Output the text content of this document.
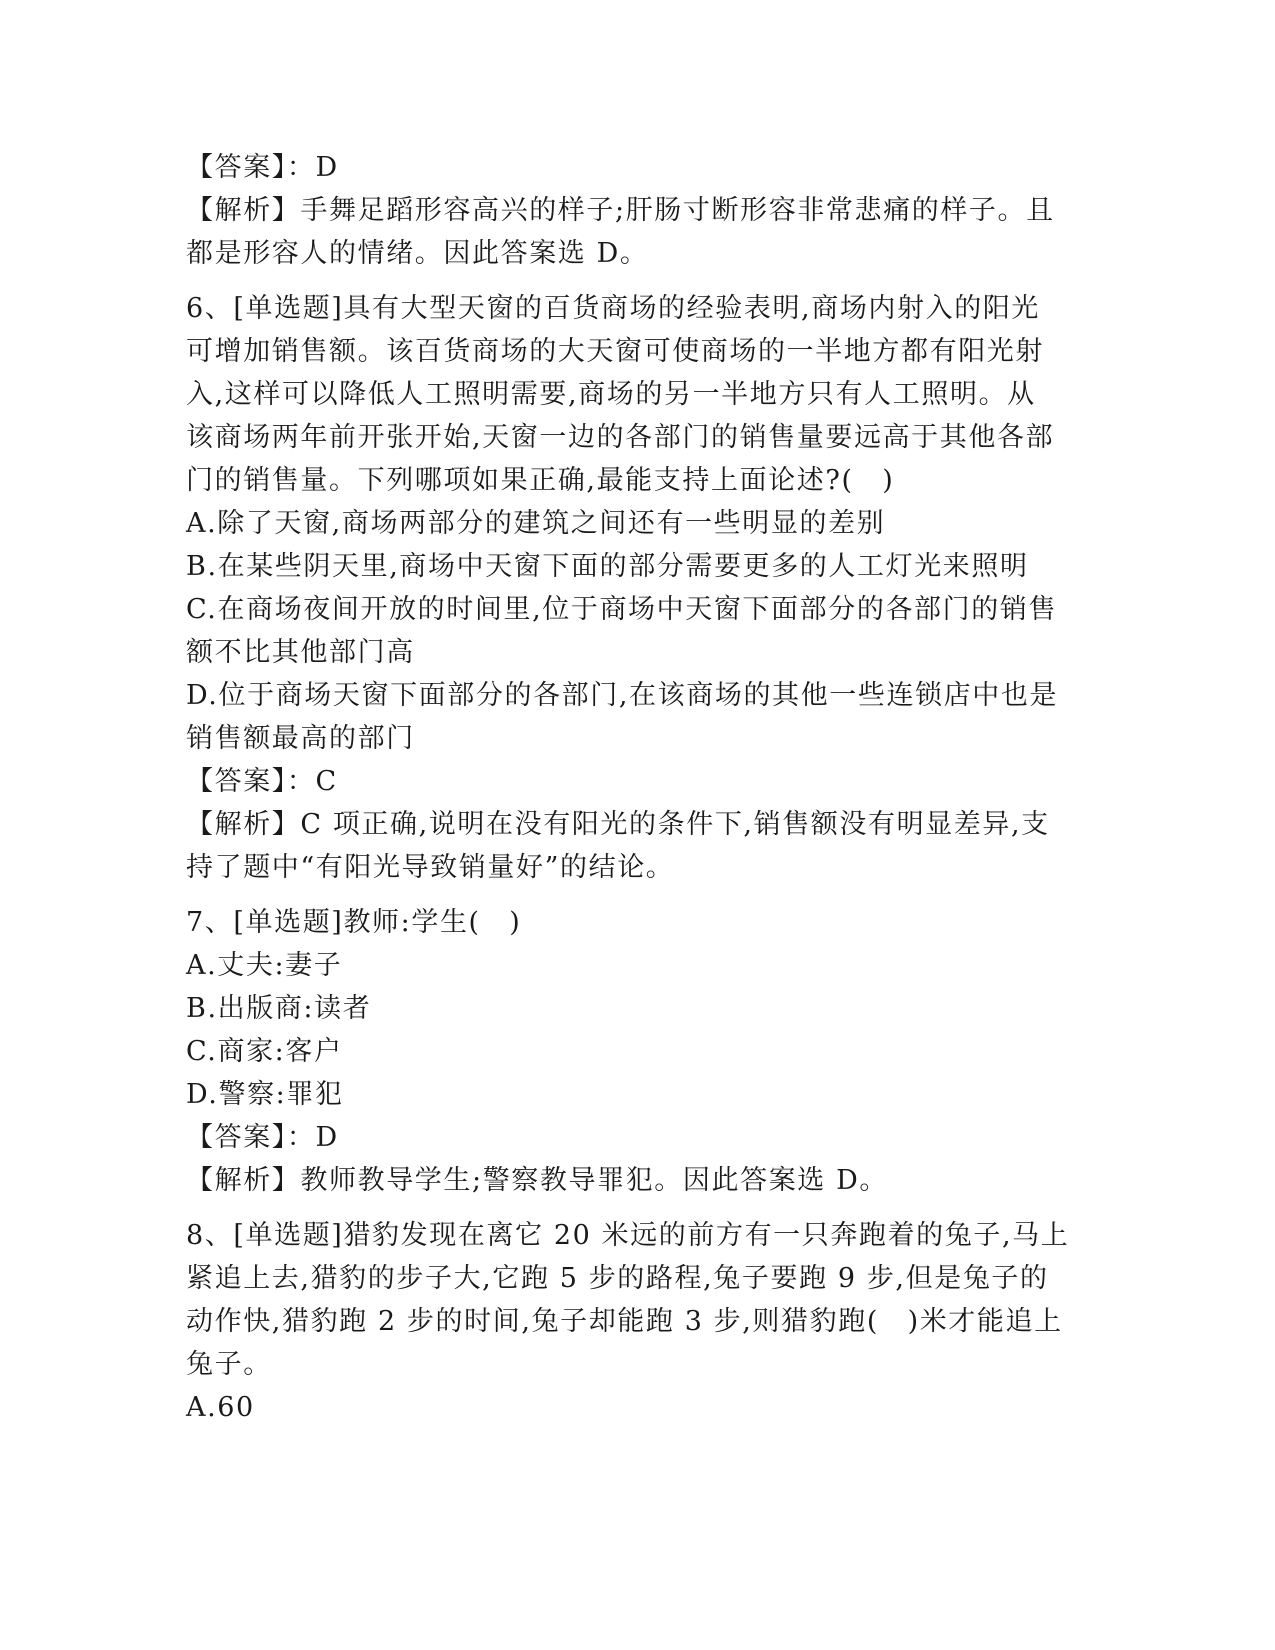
【答案】：D
【解析】手舞足蹈形容高兴的样子;肝肠寸断形容非常悲痛的样子。且
都是形容人的情绪。因此答案选 D。
6、[单选题]具有大型天窗的百货商场的经验表明,商场内射入的阳光
可增加销售额。该百货商场的大天窗可使商场的一半地方都有阳光射
入,这样可以降低人工照明需要,商场的另一半地方只有人工照明。从
该商场两年前开张开始,天窗一边的各部门的销售量要远高于其他各部
门的销售量。下列哪项如果正确,最能支持上面论述?(　)
A.除了天窗,商场两部分的建筑之间还有一些明显的差别
B.在某些阴天里,商场中天窗下面的部分需要更多的人工灯光来照明
C.在商场夜间开放的时间里,位于商场中天窗下面部分的各部门的销售
额不比其他部门高
D.位于商场天窗下面部分的各部门,在该商场的其他一些连锁店中也是
销售额最高的部门
【答案】：C
【解析】C 项正确,说明在没有阳光的条件下,销售额没有明显差异,支
持了题中“有阳光导致销量好”的结论。
7、[单选题]教师:学生(　)
A.丈夫:妻子
B.出版商:读者
C.商家:客户
D.警察:罪犯
【答案】：D
【解析】教师教导学生;警察教导罪犯。因此答案选 D。
8、[单选题]猎豹发现在离它 20 米远的前方有一只奔跑着的兔子,马上
紧追上去,猎豹的步子大,它跑 5 步的路程,兔子要跑 9 步,但是兔子的
动作快,猎豹跑 2 步的时间,兔子却能跑 3 步,则猎豹跑(　)米才能追上
兔子。
A.60
